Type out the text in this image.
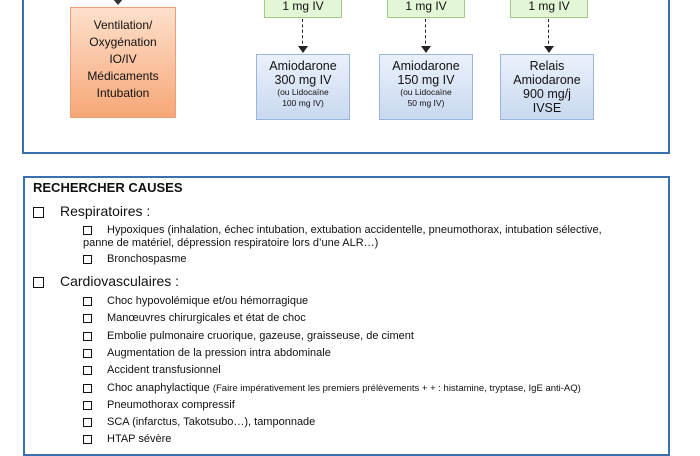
Ventilation/
Oxygénation
IO/IV
Médicaments
Intubation
1 mg IV	1 mg IV	1 mg IV
Amiodarone
300 mg IV
(ou Lidocaïne
100 mg IV)
Amiodarone
150 mg IV
(ou Lidocaïne
50 mg IV)
Relais
Amiodarone
900 mg/j
IVSE
RECHERCHER CAUSES
Respiratoires :
Hypoxiques (inhalation, échec intubation, extubation accidentelle, pneumothorax, intubation sélective,
panne de matériel, dépression respiratoire lors d’une ALR…)
Bronchospasme
Cardiovasculaires :
Choc hypovolémique et/ou hémorragique
Manœuvres chirurgicales et état de choc
Embolie pulmonaire cruorique, gazeuse, graisseuse, de ciment
Augmentation de la pression intra abdominale
Accident transfusionnel
Choc anaphylactique (Faire impérativement les premiers prélèvements + + : histamine, tryptase, IgE anti-AQ)
Pneumothorax compressif
SCA (infarctus, Takotsubo…), tamponnade
HTAP sévère
